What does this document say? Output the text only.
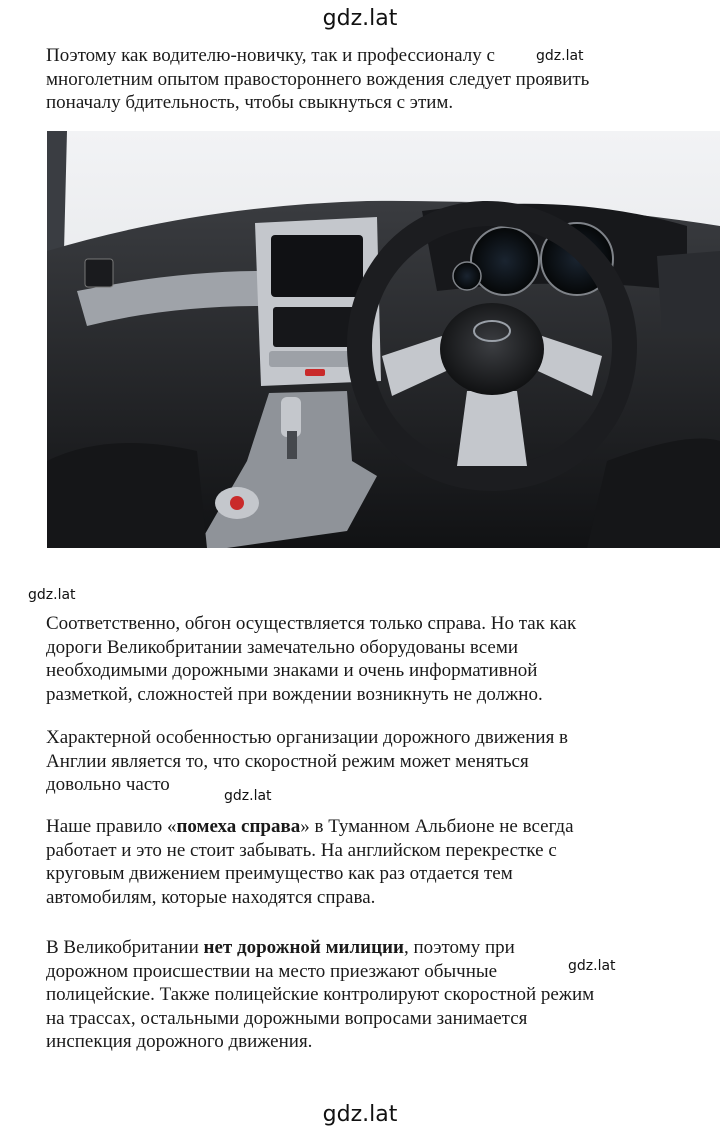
gdz.lat
Поэтому как водителю-новичку, так и профессионалу с
многолетним опытом правостороннего вождения следует проявить
поначалу бдительность, чтобы свыкнуться с этим.
gdz.lat
gdz.lat
Соответственно, обгон осуществляется только справа. Но так как
дороги Великобритании замечательно оборудованы всеми
необходимыми дорожными знаками и очень информативной
разметкой, сложностей при вождении возникнуть не должно.
Характерной особенностью организации дорожного движения в
Англии является то, что скоростной режим может меняться
довольно часто
gdz.lat
Наше правило «помеха справа» в Туманном Альбионе не всегда
работает и это не стоит забывать. На английском перекрестке с
круговым движением преимущество как раз отдается тем
автомобилям, которые находятся справа.
В Великобритании нет дорожной милиции, поэтому при
дорожном происшествии на место приезжают обычные
полицейские. Также полицейские контролируют скоростной режим
на трассах, остальными дорожными вопросами занимается
инспекция дорожного движения.
gdz.lat
gdz.lat
